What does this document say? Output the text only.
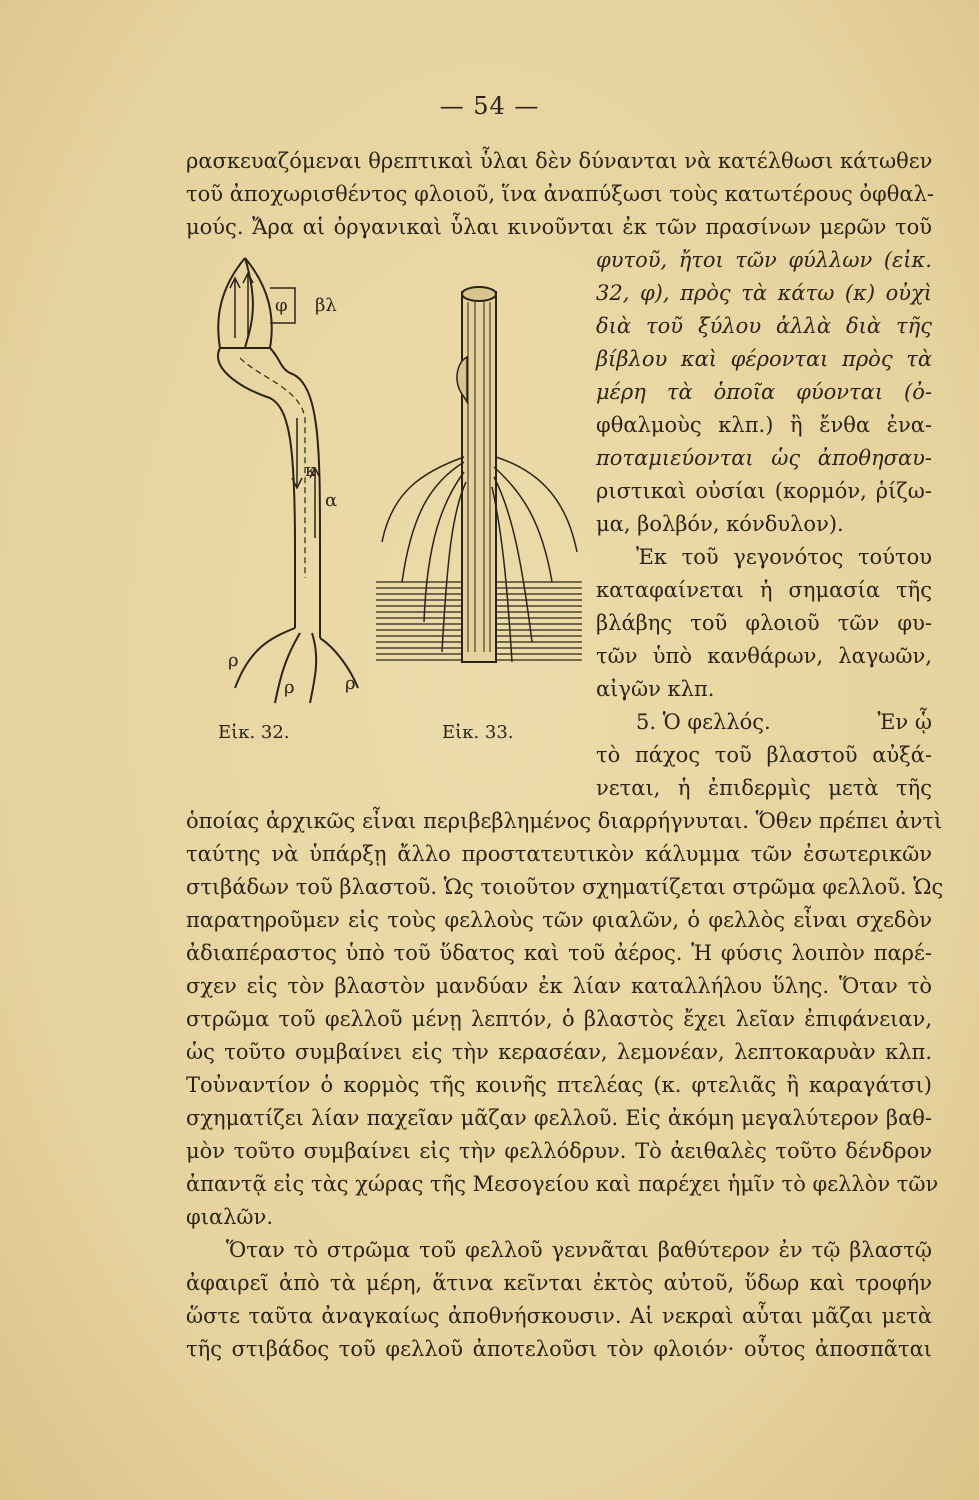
— 54 —
ρασκευαζόμεναι θρεπτικαὶ ὗλαι δὲν δύνανται νὰ κατέλθωσι κάτωθεν
τοῦ ἀποχωρισθέντος φλοιοῦ, ἵνα ἀναπύξωσι τοὺς κατωτέρους ὀφθαλ-
μούς. Ἄρα αἱ ὀργανικαὶ ὗλαι κινοῦνται ἐκ τῶν πρασίνων μερῶν τοῦ
φυτοῦ, ἤτοι τῶν φύλλων (εἰκ.
32, φ), πρὸς τὰ κάτω (κ) οὐχὶ
διὰ τοῦ ξύλου ἀλλὰ διὰ τῆς
βίβλου καὶ φέρονται πρὸς τὰ
μέρη τὰ ὁποῖα φύονται (ὀ-
φθαλμοὺς κλπ.) ἢ ἔνθα ἐνα-
ποταμιεύονται ὡς ἀποθησαυ-
ριστικαὶ οὐσίαι (κορμόν, ῥίζω-
μα, βολβόν, κόνδυλον).
Ἐκ τοῦ γεγονότος τούτου
καταφαίνεται ἡ σημασία τῆς
βλάβης τοῦ φλοιοῦ τῶν φυ-
τῶν ὑπὸ κανθάρων, λαγωῶν,
αἰγῶν κλπ.
5. Ὁ φελλός.	Ἐν ᾧ
τὸ πάχος τοῦ βλαστοῦ αὐξά-
νεται, ἡ ἐπιδερμὶς μετὰ τῆς
ὁποίας ἀρχικῶς εἶναι περιβεβλημένος διαρρήγνυται. Ὅθεν πρέπει ἀντὶ
ταύτης νὰ ὑπάρξῃ ἄλλο προστατευτικὸν κάλυμμα τῶν ἐσωτερικῶν
στιβάδων τοῦ βλαστοῦ. Ὡς τοιοῦτον σχηματίζεται στρῶμα φελλοῦ. Ὡς
παρατηροῦμεν εἰς τοὺς φελλοὺς τῶν φιαλῶν, ὁ φελλὸς εἶναι σχεδὸν
ἀδιαπέραστος ὑπὸ τοῦ ὕδατος καὶ τοῦ ἀέρος. Ἡ φύσις λοιπὸν παρέ-
σχεν εἰς τὸν βλαστὸν μανδύαν ἐκ λίαν καταλλήλου ὕλης. Ὅταν τὸ
στρῶμα τοῦ φελλοῦ μένῃ λεπτόν, ὁ βλαστὸς ἔχει λεῖαν ἐπιφάνειαν,
ὡς τοῦτο συμβαίνει εἰς τὴν κερασέαν, λεμονέαν, λεπτοκαρυὰν κλπ.
Τοὐναντίον ὁ κορμὸς τῆς κοινῆς πτελέας (κ. φτελιᾶς ἢ καραγάτσι)
σχηματίζει λίαν παχεῖαν μᾶζαν φελλοῦ. Εἰς ἀκόμη μεγαλύτερον βαθ-
μὸν τοῦτο συμβαίνει εἰς τὴν φελλόδρυν. Τὸ ἀειθαλὲς τοῦτο δένδρον
ἀπαντᾷ εἰς τὰς χώρας τῆς Μεσογείου καὶ παρέχει ἡμῖν τὸ φελλὸν τῶν
φιαλῶν.
Ὅταν τὸ στρῶμα τοῦ φελλοῦ γεννᾶται βαθύτερον ἐν τῷ βλαστῷ
ἀφαιρεῖ ἀπὸ τὰ μέρη, ἅτινα κεῖνται ἐκτὸς αὐτοῦ, ὕδωρ καὶ τροφήν
ὥστε ταῦτα ἀναγκαίως ἀποθνήσκουσιν. Αἱ νεκραὶ αὗται μᾶζαι μετὰ
τῆς στιβάδος τοῦ φελλοῦ ἀποτελοῦσι τὸν φλοιόν· οὗτος ἀποσπᾶται
φ βλ
κ
α
ρ
ρ	ρ
Εἰκ. 32.	Εἰκ. 33.
